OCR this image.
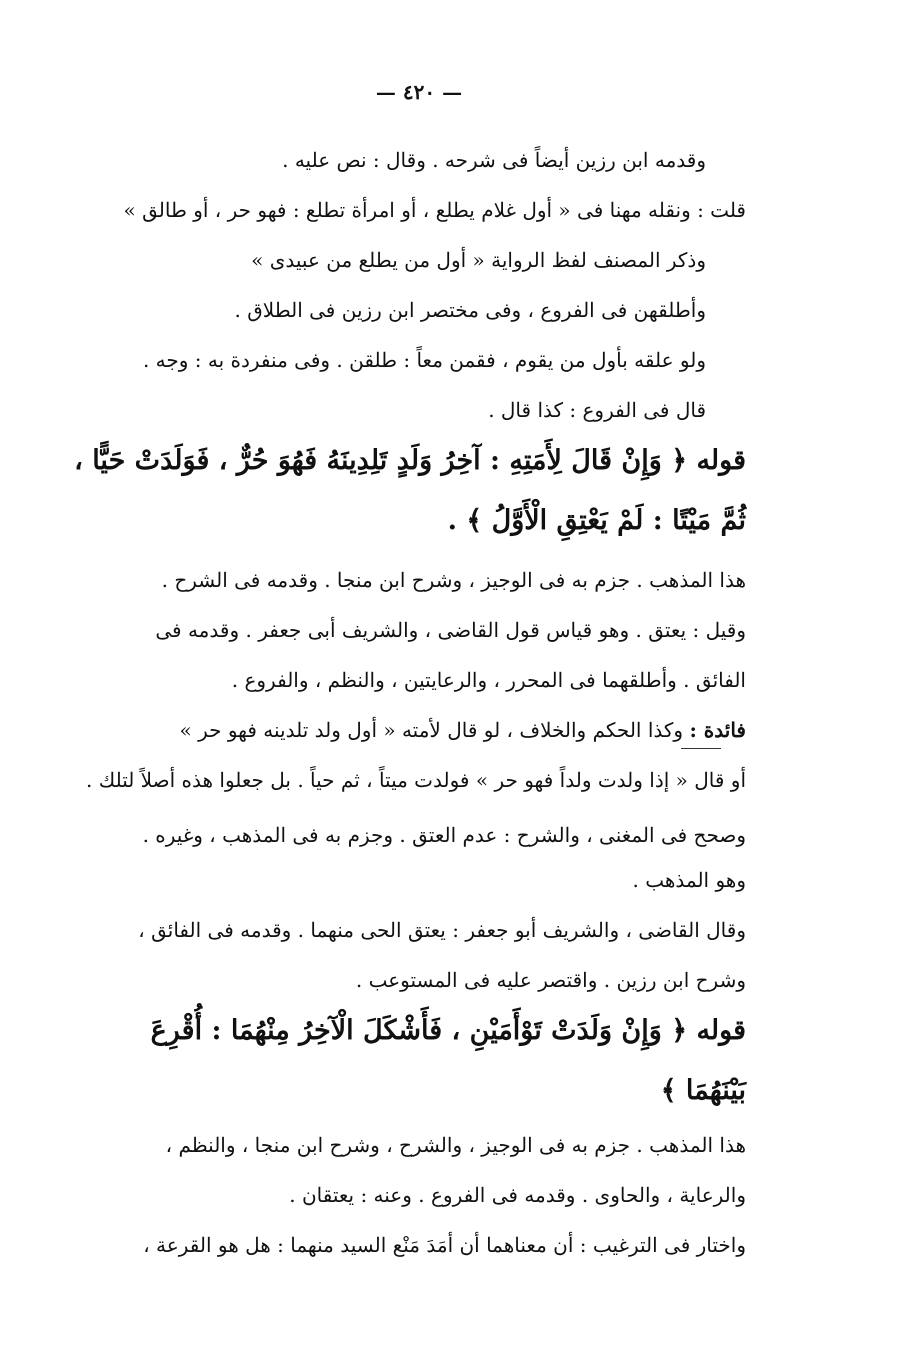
— ٤٢٠ —
وقدمه ابن رزين أيضاً فى شرحه . وقال : نص عليه .
قلت : ونقله مهنا فى « أول غلام يطلع ، أو امرأة تطلع : فهو حر ، أو طالق »
وذكر المصنف لفظ الرواية « أول من يطلع من عبيدى »
وأطلقهن فى الفروع ، وفى مختصر ابن رزين فى الطلاق .
ولو علقه بأول من يقوم ، فقمن معاً : طلقن . وفى منفردة به : وجه .
قال فى الفروع : كذا قال .
قوله ﴿ وَإِنْ قَالَ لِأَمَتِهِ : آخِرُ وَلَدٍ تَلِدِينَهُ فَهُوَ حُرٌّ ، فَوَلَدَتْ حَيًّا ،
ثُمَّ مَيْتًا : لَمْ يَعْتِقِ الْأَوَّلُ ﴾ .
هذا المذهب . جزم به فى الوجيز ، وشرح ابن منجا . وقدمه فى الشرح .
وقيل : يعتق . وهو قياس قول القاضى ، والشريف أبى جعفر . وقدمه فى
الفائق . وأطلقهما فى المحرر ، والرعايتين ، والنظم ، والفروع .
فائدة : وكذا الحكم والخلاف ، لو قال لأمته « أول ولد تلدينه فهو حر »
أو قال « إذا ولدت ولداً فهو حر » فولدت ميتاً ، ثم حياً . بل جعلوا هذه أصلاً لتلك .
وصحح فى المغنى ، والشرح : عدم العتق . وجزم به فى المذهب ، وغيره .
وهو المذهب .
وقال القاضى ، والشريف أبو جعفر : يعتق الحى منهما . وقدمه فى الفائق ،
وشرح ابن رزين . واقتصر عليه فى المستوعب .
قوله ﴿ وَإِنْ وَلَدَتْ تَوْأَمَيْنِ ، فَأَشْكَلَ الْآخِرُ مِنْهُمَا : أُقْرِعَ
بَيْنَهُمَا ﴾
هذا المذهب . جزم به فى الوجيز ، والشرح ، وشرح ابن منجا ، والنظم ،
والرعاية ، والحاوى . وقدمه فى الفروع . وعنه : يعتقان .
واختار فى الترغيب : أن معناهما أن أمَدَ مَنْع السيد منهما : هل هو القرعة ،
